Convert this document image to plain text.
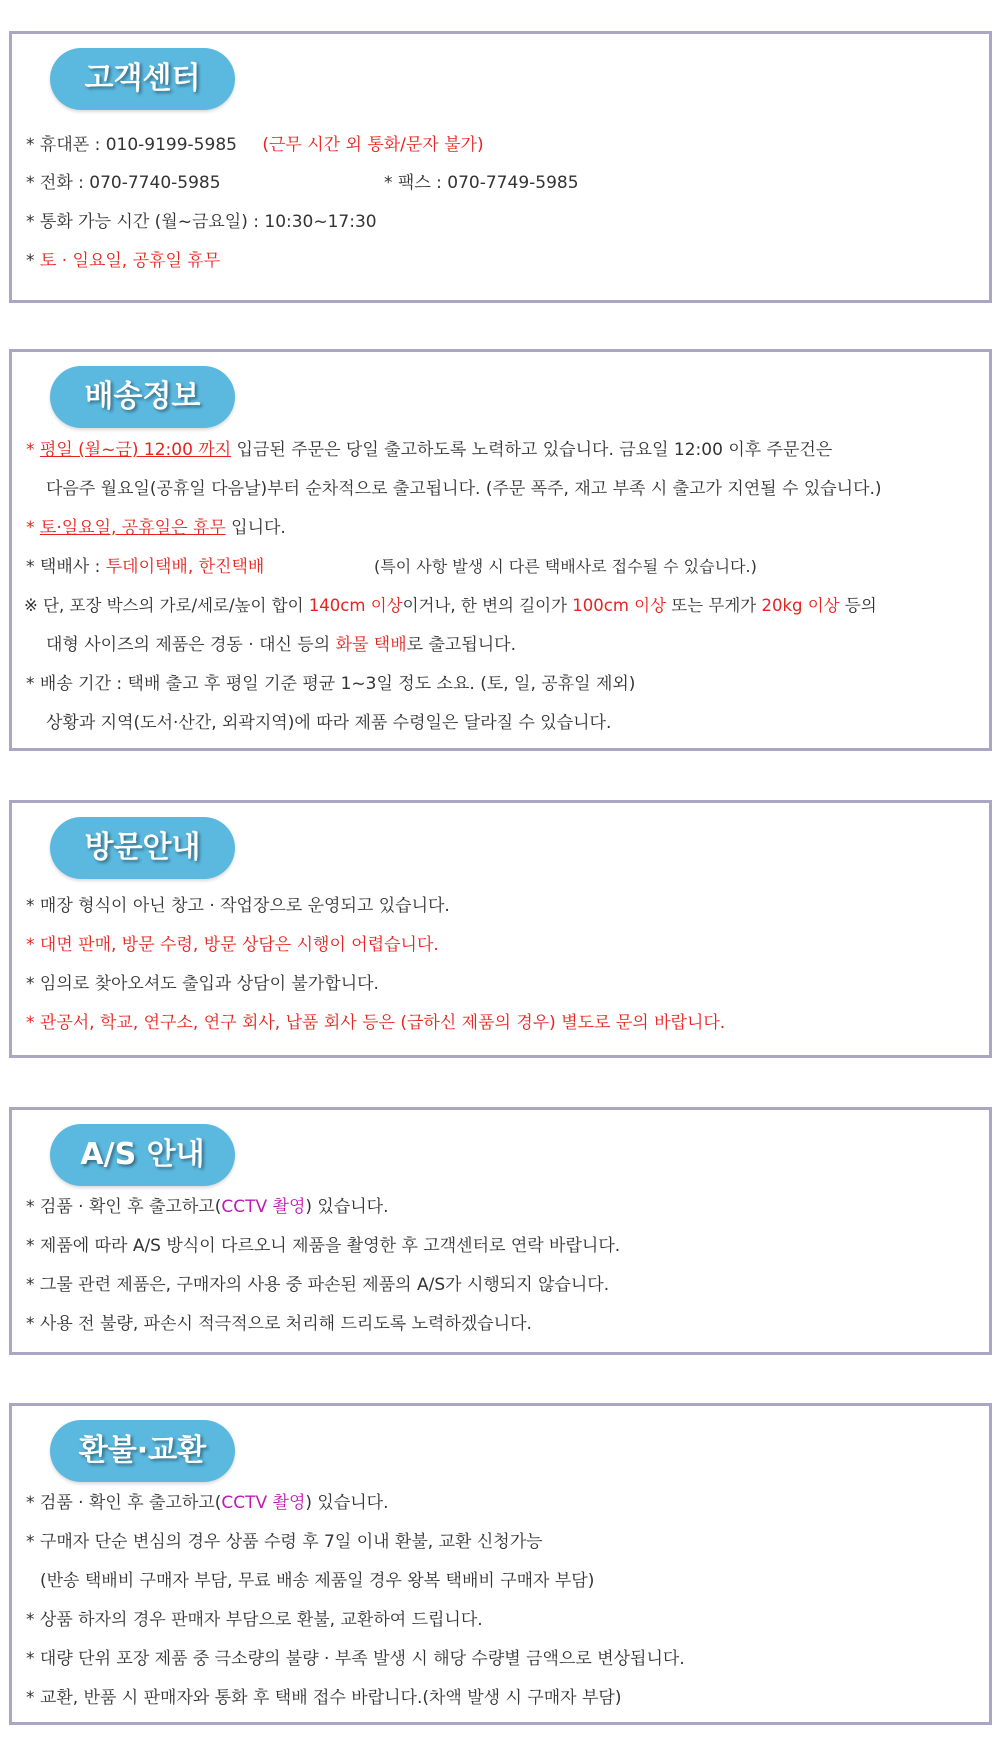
고객센터
* 휴대폰 : 010-9199-5985 (근무 시간 외 통화/문자 불가)
* 전화 : 070-7740-5985	* 팩스 : 070-7749-5985
* 통화 가능 시간 (월~금요일) : 10:30~17:30
* 토 · 일요일, 공휴일 휴무
배송정보
* 평일 (월~금) 12:00 까지 입금된 주문은 당일 출고하도록 노력하고 있습니다. 금요일 12:00 이후 주문건은
다음주 월요일(공휴일 다음날)부터 순차적으로 출고됩니다. (주문 폭주, 재고 부족 시 출고가 지연될 수 있습니다.)
* 토·일요일, 공휴일은 휴무 입니다.
* 택배사 : 투데이택배, 한진택배	(특이 사항 발생 시 다른 택배사로 접수될 수 있습니다.)
※ 단, 포장 박스의 가로/세로/높이 합이 140cm 이상이거나, 한 변의 길이가 100cm 이상 또는 무게가 20kg 이상 등의
대형 사이즈의 제품은 경동 · 대신 등의 화물 택배로 출고됩니다.
* 배송 기간 : 택배 출고 후 평일 기준 평균 1~3일 정도 소요. (토, 일, 공휴일 제외)
상황과 지역(도서·산간, 외곽지역)에 따라 제품 수령일은 달라질 수 있습니다.
방문안내
* 매장 형식이 아닌 창고 · 작업장으로 운영되고 있습니다.
* 대면 판매, 방문 수령, 방문 상담은 시행이 어렵습니다.
* 임의로 찾아오셔도 출입과 상담이 불가합니다.
* 관공서, 학교, 연구소, 연구 회사, 납품 회사 등은 (급하신 제품의 경우) 별도로 문의 바랍니다.
A/S 안내
* 검품 · 확인 후 출고하고(CCTV 촬영) 있습니다.
* 제품에 따라 A/S 방식이 다르오니 제품을 촬영한 후 고객센터로 연락 바랍니다.
* 그물 관련 제품은, 구매자의 사용 중 파손된 제품의 A/S가 시행되지 않습니다.
* 사용 전 불량, 파손시 적극적으로 처리해 드리도록 노력하겠습니다.
환불·교환
* 검품 · 확인 후 출고하고(CCTV 촬영) 있습니다.
* 구매자 단순 변심의 경우 상품 수령 후 7일 이내 환불, 교환 신청가능
(반송 택배비 구매자 부담, 무료 배송 제품일 경우 왕복 택배비 구매자 부담)
* 상품 하자의 경우 판매자 부담으로 환불, 교환하여 드립니다.
* 대량 단위 포장 제품 중 극소량의 불량 · 부족 발생 시 해당 수량별 금액으로 변상됩니다.
* 교환, 반품 시 판매자와 통화 후 택배 접수 바랍니다.(차액 발생 시 구매자 부담)
